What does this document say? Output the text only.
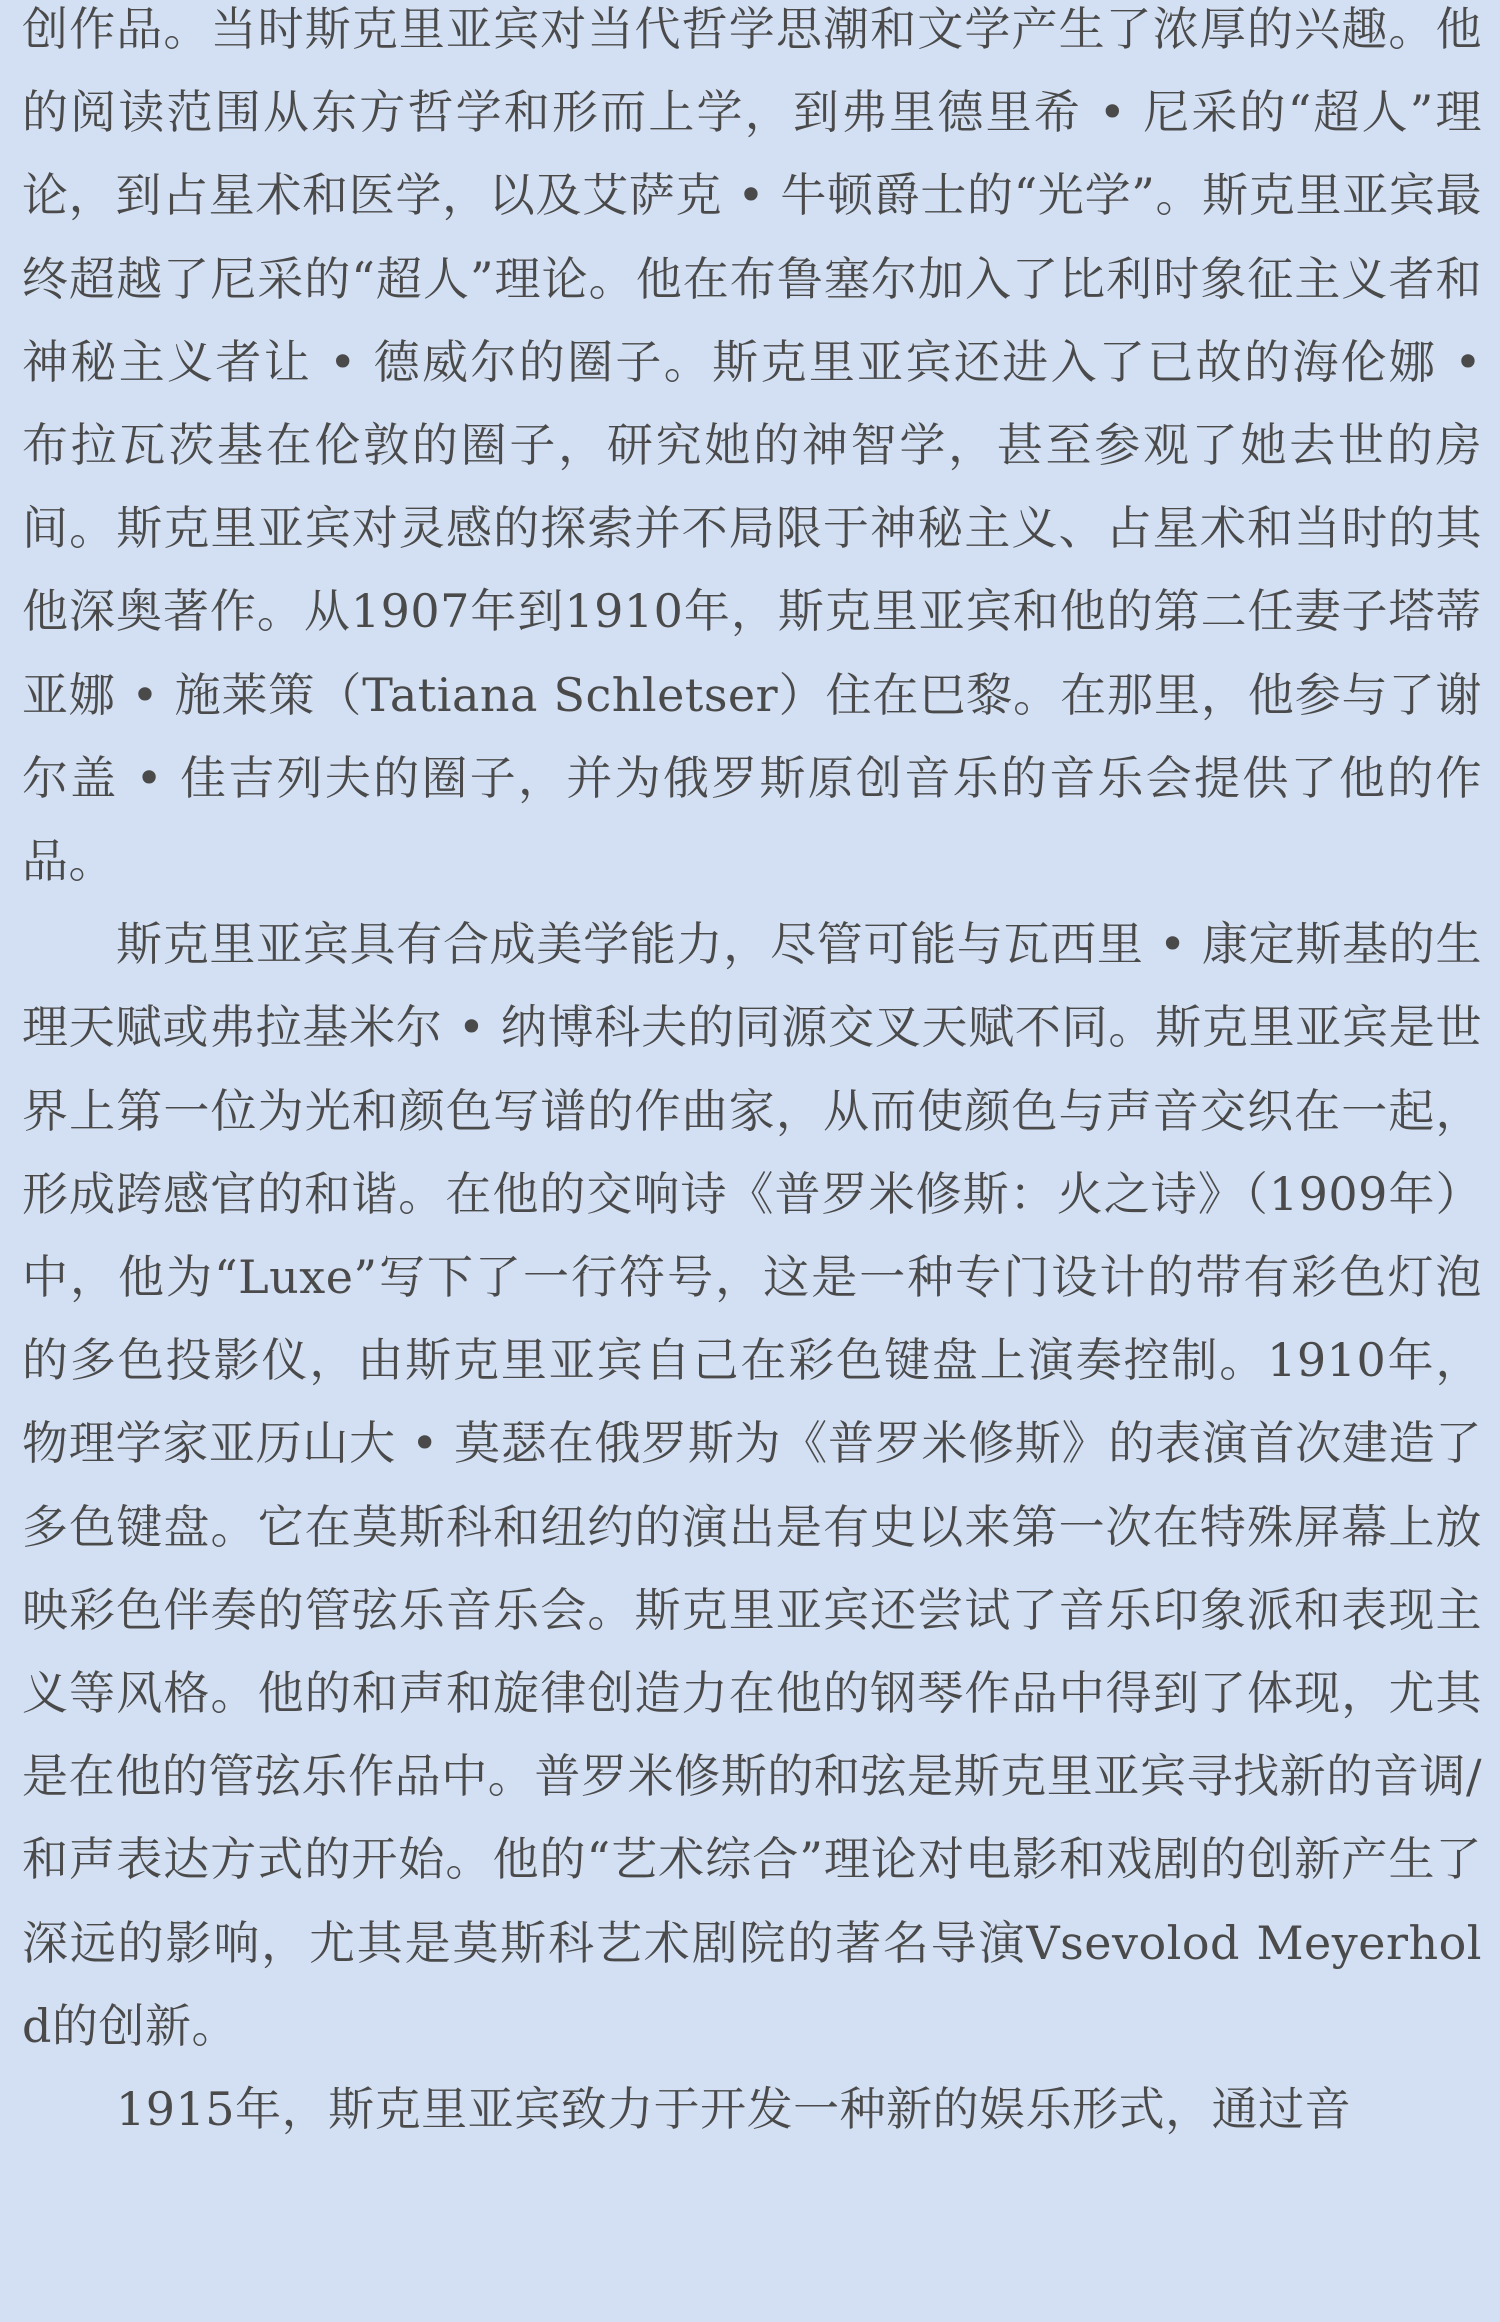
创作品。当时斯克里亚宾对当代哲学思潮和文学产生了浓厚的兴趣。他的阅读范围从东方哲学和形而上学，到弗里德里希 • 尼采的“超人”理论，到占星术和医学，以及艾萨克 • 牛顿爵士的“光学”。斯克里亚宾最终超越了尼采的“超人”理论。他在布鲁塞尔加入了比利时象征主义者和神秘主义者让 • 德威尔的圈子。斯克里亚宾还进入了已故的海伦娜 • 布拉瓦茨基在伦敦的圈子，研究她的神智学，甚至参观了她去世的房间。斯克里亚宾对灵感的探索并不局限于神秘主义、占星术和当时的其他深奥著作。从1907年到1910年，斯克里亚宾和他的第二任妻子塔蒂亚娜 • 施莱策（Tatiana Schletser）住在巴黎。在那里，他参与了谢尔盖 • 佳吉列夫的圈子，并为俄罗斯原创音乐的音乐会提供了他的作品。

斯克里亚宾具有合成美学能力，尽管可能与瓦西里 • 康定斯基的生理天赋或弗拉基米尔 • 纳博科夫的同源交叉天赋不同。斯克里亚宾是世界上第一位为光和颜色写谱的作曲家，从而使颜色与声音交织在一起，形成跨感官的和谐。在他的交响诗《普罗米修斯：火之诗》（1909年）中，他为“Luxe”写下了一行符号，这是一种专门设计的带有彩色灯泡的多色投影仪，由斯克里亚宾自己在彩色键盘上演奏控制。1910年，物理学家亚历山大 • 莫瑟在俄罗斯为《普罗米修斯》的表演首次建造了多色键盘。它在莫斯科和纽约的演出是有史以来第一次在特殊屏幕上放映彩色伴奏的管弦乐音乐会。斯克里亚宾还尝试了音乐印象派和表现主义等风格。他的和声和旋律创造力在他的钢琴作品中得到了体现，尤其是在他的管弦乐作品中。普罗米修斯的和弦是斯克里亚宾寻找新的音调/和声表达方式的开始。他的“艺术综合”理论对电影和戏剧的创新产生了深远的影响，尤其是莫斯科艺术剧院的著名导演Vsevolod Meyerhold的创新。

1915年，斯克里亚宾致力于开发一种新的娱乐形式，通过音
